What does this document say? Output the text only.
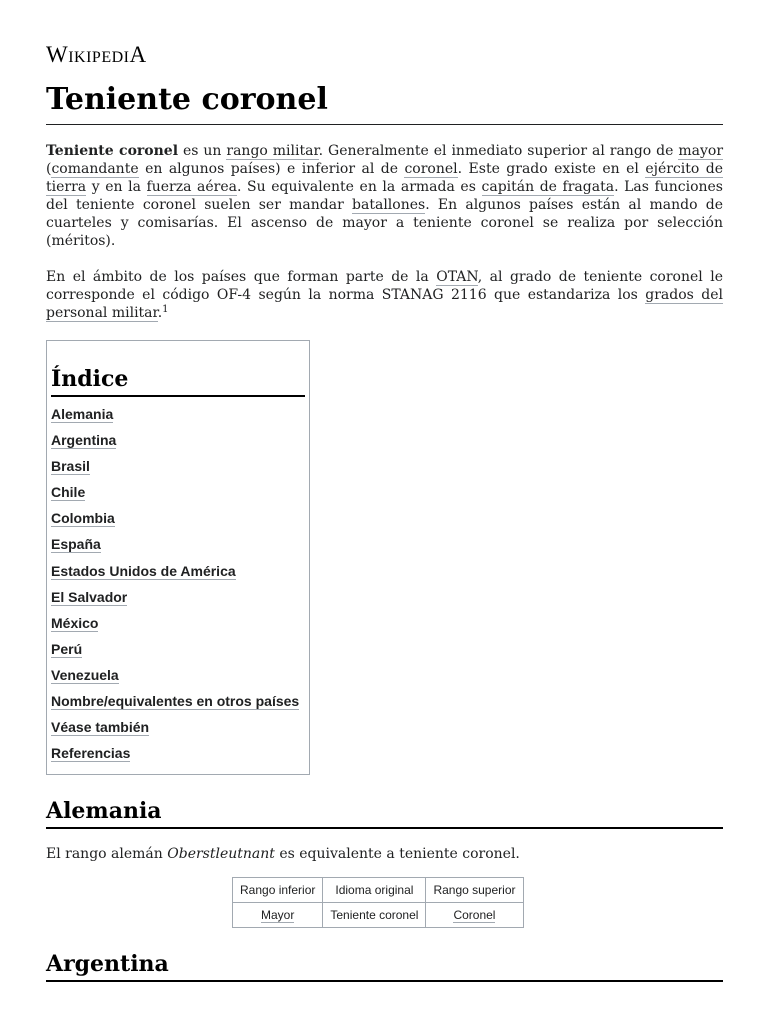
WikipediA
Teniente coronel

Teniente coronel es un rango militar. Generalmente el inmediato superior al rango de mayor (comandante en algunos países) e inferior al de coronel. Este grado existe en el ejército de tierra y en la fuerza aérea. Su equivalente en la armada es capitán de fragata. Las funciones del teniente coronel suelen ser mandar batallones. En algunos países están al mando de cuarteles y comisarías. El ascenso de mayor a teniente coronel se realiza por selección (méritos).

En el ámbito de los países que forman parte de la OTAN, al grado de teniente coronel le corresponde el código OF-4 según la norma STANAG 2116 que estandariza los grados del personal militar.$^1$

Índice
Alemania
Argentina
Brasil
Chile
Colombia
España
Estados Unidos de América
El Salvador
México
Perú
Venezuela
Nombre/equivalentes en otros países
Véase también
Referencias
Alemania

El rango alemán Oberstleutnant es equivalente a teniente coronel.

Rango inferior	Idioma original	Rango superior
Mayor	Teniente coronel	Coronel
Argentina
